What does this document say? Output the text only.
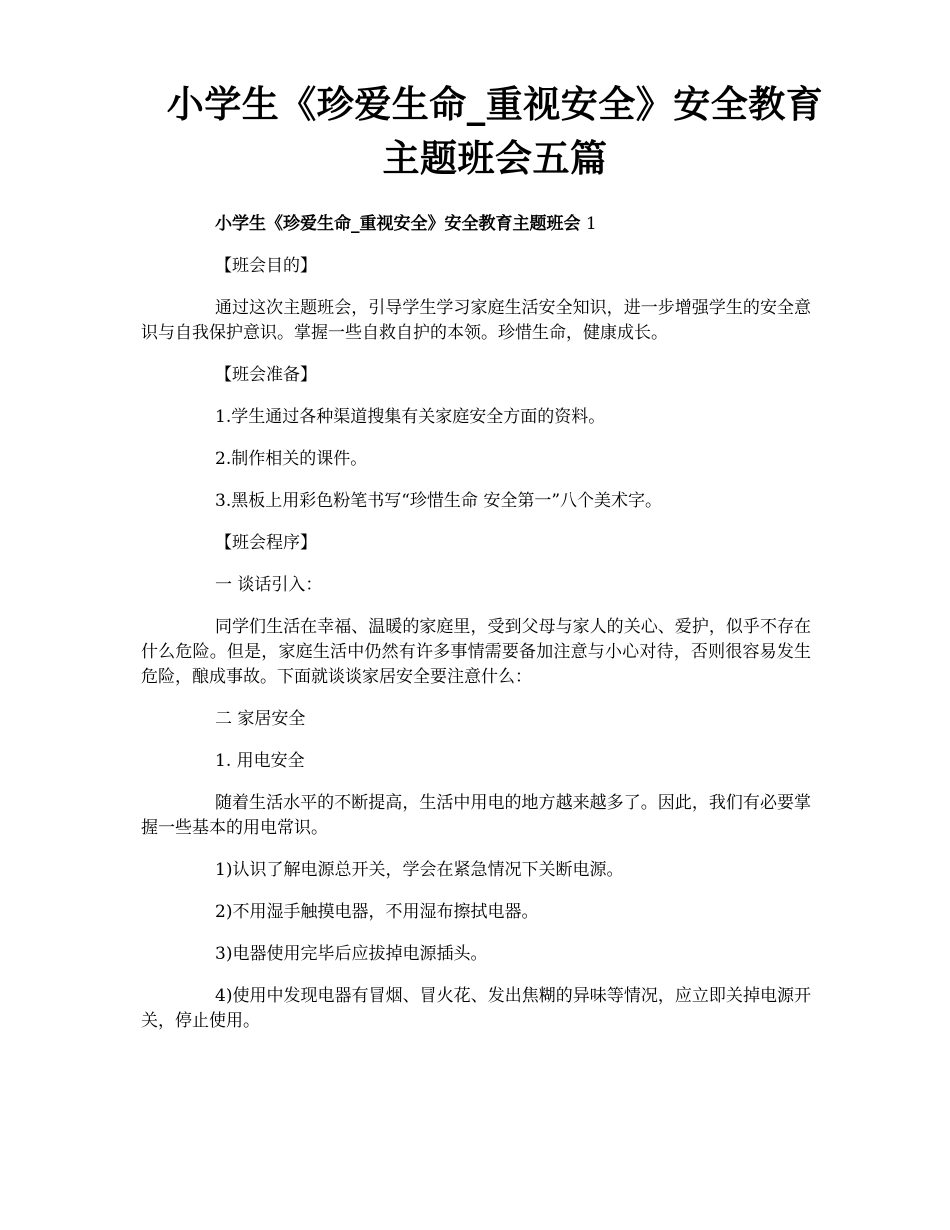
小学生《珍爱生命_重视安全》安全教育主题班会五篇

小学生《珍爱生命_重视安全》安全教育主题班会 1

【班会目的】

通过这次主题班会，引导学生学习家庭生活安全知识，进一步增强学生的安全意识与自我保护意识。掌握一些自救自护的本领。珍惜生命，健康成长。

【班会准备】

1.学生通过各种渠道搜集有关家庭安全方面的资料。

2.制作相关的课件。

3.黑板上用彩色粉笔书写“珍惜生命 安全第一”八个美术字。

【班会程序】

一 谈话引入：

同学们生活在幸福、温暖的家庭里，受到父母与家人的关心、爱护，似乎不存在什么危险。但是，家庭生活中仍然有许多事情需要备加注意与小心对待，否则很容易发生危险，酿成事故。下面就谈谈家居安全要注意什么：

二 家居安全

1. 用电安全

随着生活水平的不断提高，生活中用电的地方越来越多了。因此，我们有必要掌握一些基本的用电常识。

1)认识了解电源总开关，学会在紧急情况下关断电源。

2)不用湿手触摸电器，不用湿布擦拭电器。

3)电器使用完毕后应拔掉电源插头。

4)使用中发现电器有冒烟、冒火花、发出焦糊的异味等情况，应立即关掉电源开关，停止使用。
